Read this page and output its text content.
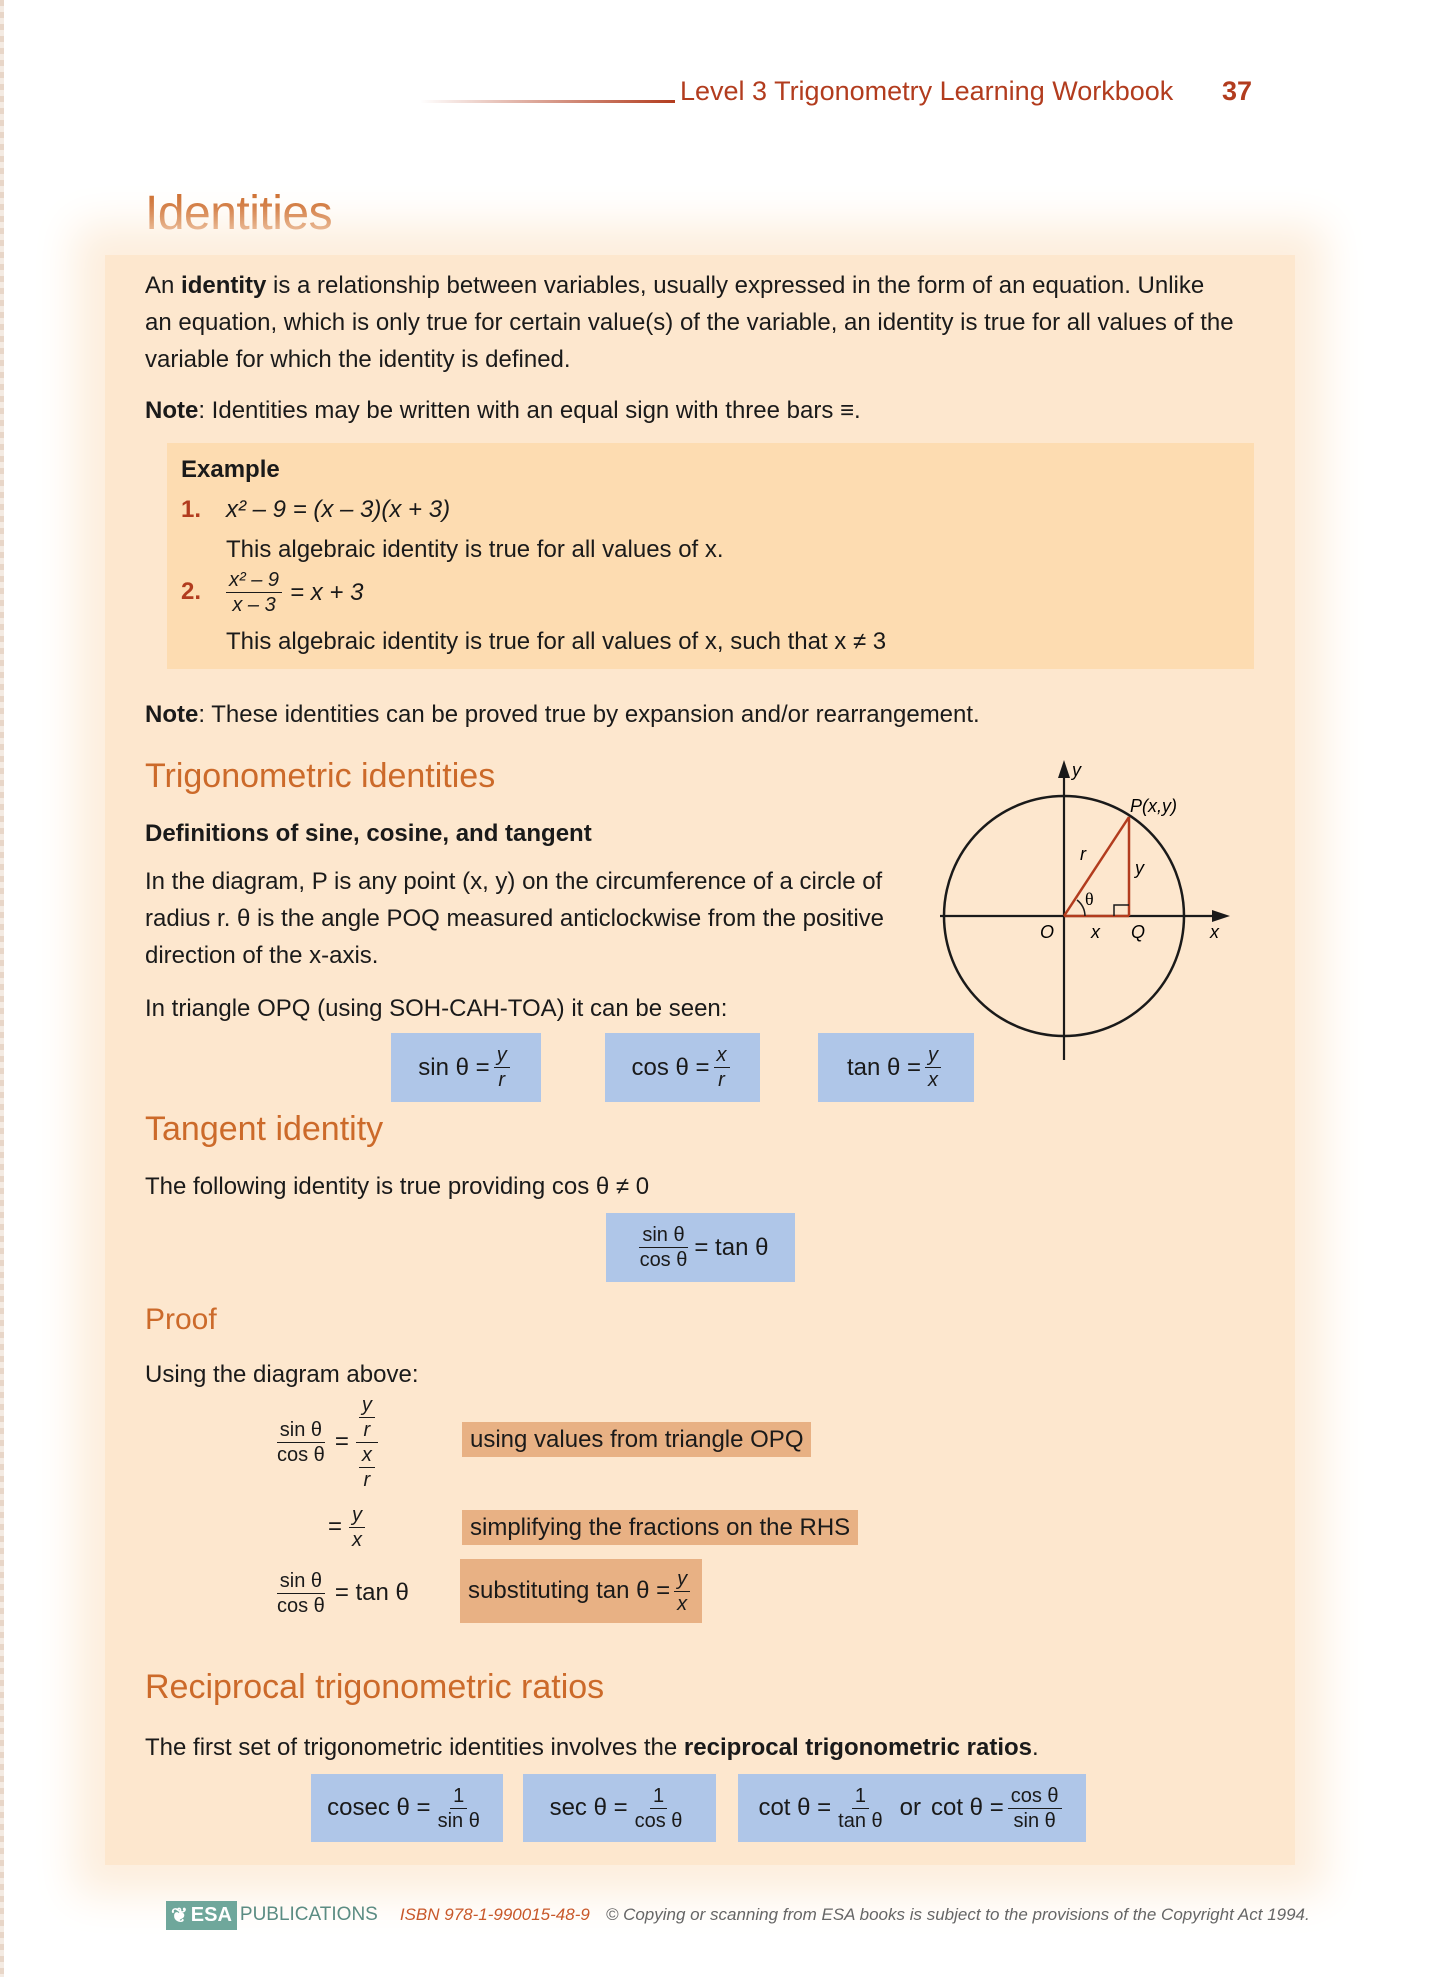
Level 3 Trigonometry Learning Workbook 37
Identities
An identity is a relationship between variables, usually expressed in the form of an equation. Unlike
an equation, which is only true for certain value(s) of the variable, an identity is true for all values of the
variable for which the identity is defined.
Note: Identities may be written with an equal sign with three bars ≡.
Example
1. x² – 9 = (x – 3)(x + 3)
This algebraic identity is true for all values of x.
2. $\frac{\text{x² – 9}}{x - 3} = x + 3$
This algebraic identity is true for all values of x, such that x ≠ 3
Note: These identities can be proved true by expansion and/or rearrangement.
Trigonometric identities
Definitions of sine, cosine, and tangent
In the diagram, P is any point (x, y) on the circumference of a circle of
radius r. θ is the angle POQ measured anticlockwise from the positive
direction of the x-axis.
In triangle OPQ (using SOH-CAH-TOA) it can be seen:
y
P(x,y)
r
y
θ
O x Q	x
$\sin \theta = \frac{y}{r}$	$\cos \theta = \frac{x}{r}$	$\tan \theta = \frac{y}{x}$
Tangent identity
The following identity is true providing cos θ ≠ 0
$\frac{\text{sin θ}}{\text{cos θ}} = \tan \theta$
Proof
Using the diagram above:
$\frac{\text{sin θ}}{\text{cos θ}} = \frac{\frac{y}{r}}{\frac{x}{r}}$	using values from triangle OPQ
= $\frac{y}{x}$	simplifying the fractions on the RHS
$\frac{\text{sin θ}}{\text{cos θ}} = \tan \theta$ substituting $\tan \theta = \frac{y}{x}$
Reciprocal trigonometric ratios
The first set of trigonometric identities involves the reciprocal trigonometric ratios.
cosec $\theta = \frac{1}{\text{sin θ}}$	$\sec \theta = \frac{1}{\text{cos θ}}$	$\cot \theta = \frac{1}{\text{tan θ}}$ or $\cot \theta = \frac{\text{cos θ}}{\text{sin θ}}$
❦ ESA PUBLICATIONS ISBN 978-1-990015-48-9 © Copying or scanning from ESA books is subject to the provisions of the Copyright Act 1994.
